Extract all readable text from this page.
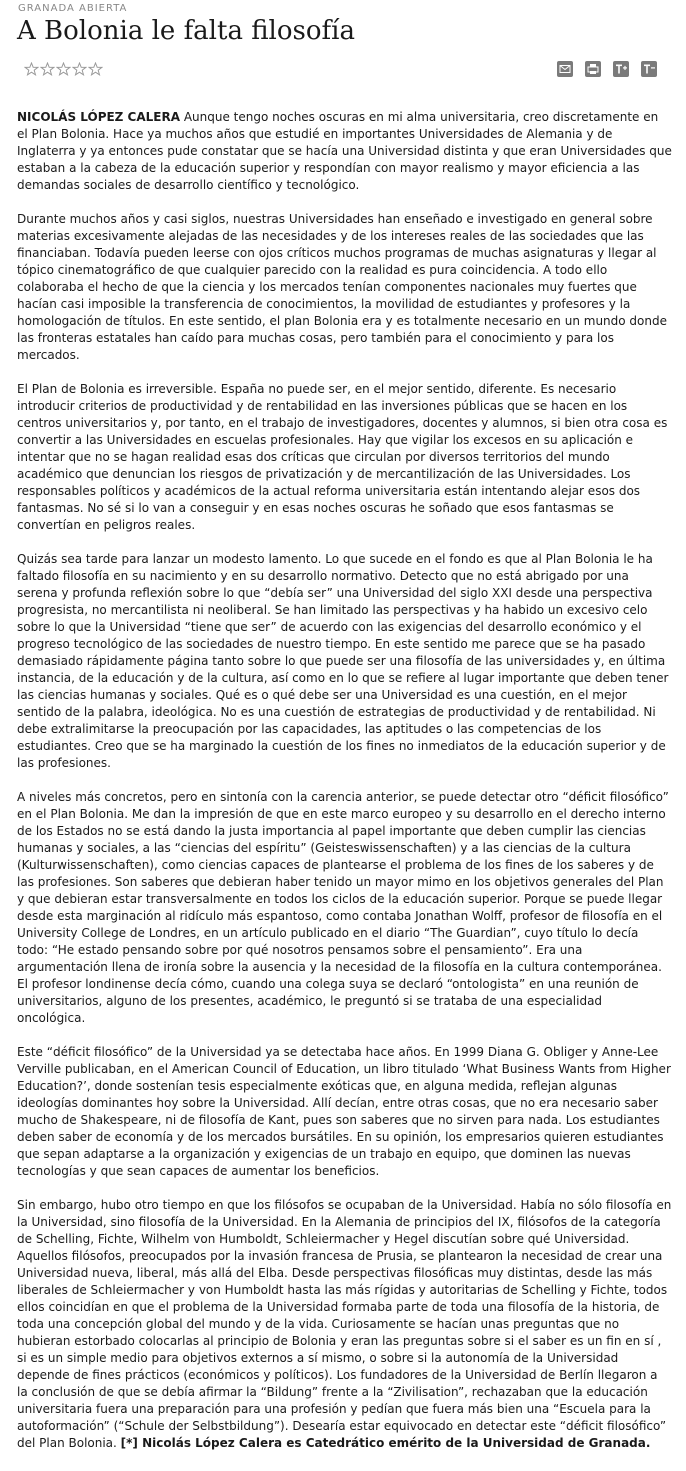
GRANADA ABIERTA
A Bolonia le falta filosofía

NICOLÁS LÓPEZ CALERA Aunque tengo noches oscuras en mi alma universitaria, creo discretamente en el Plan Bolonia. Hace ya muchos años que estudié en importantes Universidades de Alemania y de Inglaterra y ya entonces pude constatar que se hacía una Universidad distinta y que eran Universidades que estaban a la cabeza de la educación superior y respondían con mayor realismo y mayor eficiencia a las demandas sociales de desarrollo científico y tecnológico.

Durante muchos años y casi siglos, nuestras Universidades han enseñado e investigado en general sobre materias excesivamente alejadas de las necesidades y de los intereses reales de las sociedades que las financiaban. Todavía pueden leerse con ojos críticos muchos programas de muchas asignaturas y llegar al tópico cinematográfico de que cualquier parecido con la realidad es pura coincidencia. A todo ello colaboraba el hecho de que la ciencia y los mercados tenían componentes nacionales muy fuertes que hacían casi imposible la transferencia de conocimientos, la movilidad de estudiantes y profesores y la homologación de títulos. En este sentido, el plan Bolonia era y es totalmente necesario en un mundo donde las fronteras estatales han caído para muchas cosas, pero también para el conocimiento y para los mercados.

El Plan de Bolonia es irreversible. España no puede ser, en el mejor sentido, diferente. Es necesario introducir criterios de productividad y de rentabilidad en las inversiones públicas que se hacen en los centros universitarios y, por tanto, en el trabajo de investigadores, docentes y alumnos, si bien otra cosa es convertir a las Universidades en escuelas profesionales. Hay que vigilar los excesos en su aplicación e intentar que no se hagan realidad esas dos críticas que circulan por diversos territorios del mundo académico que denuncian los riesgos de privatización y de mercantilización de las Universidades. Los responsables políticos y académicos de la actual reforma universitaria están intentando alejar esos dos fantasmas. No sé si lo van a conseguir y en esas noches oscuras he soñado que esos fantasmas se convertían en peligros reales.

Quizás sea tarde para lanzar un modesto lamento. Lo que sucede en el fondo es que al Plan Bolonia le ha faltado filosofía en su nacimiento y en su desarrollo normativo. Detecto que no está abrigado por una serena y profunda reflexión sobre lo que “debía ser” una Universidad del siglo XXI desde una perspectiva progresista, no mercantilista ni neoliberal. Se han limitado las perspectivas y ha habido un excesivo celo sobre lo que la Universidad “tiene que ser” de acuerdo con las exigencias del desarrollo económico y el progreso tecnológico de las sociedades de nuestro tiempo. En este sentido me parece que se ha pasado demasiado rápidamente página tanto sobre lo que puede ser una filosofía de las universidades y, en última instancia, de la educación y de la cultura, así como en lo que se refiere al lugar importante que deben tener las ciencias humanas y sociales. Qué es o qué debe ser una Universidad es una cuestión, en el mejor sentido de la palabra, ideológica. No es una cuestión de estrategias de productividad y de rentabilidad. Ni debe extralimitarse la preocupación por las capacidades, las aptitudes o las competencias de los estudiantes. Creo que se ha marginado la cuestión de los fines no inmediatos de la educación superior y de las profesiones.

A niveles más concretos, pero en sintonía con la carencia anterior, se puede detectar otro “déficit filosófico” en el Plan Bolonia. Me dan la impresión de que en este marco europeo y su desarrollo en el derecho interno de los Estados no se está dando la justa importancia al papel importante que deben cumplir las ciencias humanas y sociales, a las “ciencias del espíritu” (Geisteswissenschaften) y a las ciencias de la cultura (Kulturwissenschaften), como ciencias capaces de plantearse el problema de los fines de los saberes y de las profesiones. Son saberes que debieran haber tenido un mayor mimo en los objetivos generales del Plan y que debieran estar transversalmente en todos los ciclos de la educación superior. Porque se puede llegar desde esta marginación al ridículo más espantoso, como contaba Jonathan Wolff, profesor de filosofía en el University College de Londres, en un artículo publicado en el diario “The Guardian”, cuyo título lo decía todo: “He estado pensando sobre por qué nosotros pensamos sobre el pensamiento”. Era una argumentación llena de ironía sobre la ausencia y la necesidad de la filosofía en la cultura contemporánea. El profesor londinense decía cómo, cuando una colega suya se declaró “ontologista” en una reunión de universitarios, alguno de los presentes, académico, le preguntó si se trataba de una especialidad oncológica.

Este “déficit filosófico” de la Universidad ya se detectaba hace años. En 1999 Diana G. Obliger y Anne-Lee Verville publicaban, en el American Council of Education, un libro titulado ‘What Business Wants from Higher Education?’, donde sostenían tesis especialmente exóticas que, en alguna medida, reflejan algunas ideologías dominantes hoy sobre la Universidad. Allí decían, entre otras cosas, que no era necesario saber mucho de Shakespeare, ni de filosofía de Kant, pues son saberes que no sirven para nada. Los estudiantes deben saber de economía y de los mercados bursátiles. En su opinión, los empresarios quieren estudiantes que sepan adaptarse a la organización y exigencias de un trabajo en equipo, que dominen las nuevas tecnologías y que sean capaces de aumentar los beneficios.

Sin embargo, hubo otro tiempo en que los filósofos se ocupaban de la Universidad. Había no sólo filosofía en la Universidad, sino filosofía de la Universidad. En la Alemania de principios del IX, filósofos de la categoría de Schelling, Fichte, Wilhelm von Humboldt, Schleiermacher y Hegel discutían sobre qué Universidad. Aquellos filósofos, preocupados por la invasión francesa de Prusia, se plantearon la necesidad de crear una Universidad nueva, liberal, más allá del Elba. Desde perspectivas filosóficas muy distintas, desde las más liberales de Schleiermacher y von Humboldt hasta las más rígidas y autoritarias de Schelling y Fichte, todos ellos coincidían en que el problema de la Universidad formaba parte de toda una filosofía de la historia, de toda una concepción global del mundo y de la vida. Curiosamente se hacían unas preguntas que no hubieran estorbado colocarlas al principio de Bolonia y eran las preguntas sobre si el saber es un fin en sí , si es un simple medio para objetivos externos a sí mismo, o sobre si la autonomía de la Universidad depende de fines prácticos (económicos y políticos). Los fundadores de la Universidad de Berlín llegaron a la conclusión de que se debía afirmar la “Bildung” frente a la “Zivilisation”, rechazaban que la educación universitaria fuera una preparación para una profesión y pedían que fuera más bien una “Escuela para la autoformación” (“Schule der Selbstbildung”). Desearía estar equivocado en detectar este “déficit filosófico” del Plan Bolonia. [*] Nicolás López Calera es Catedrático emérito de la Universidad de Granada.
